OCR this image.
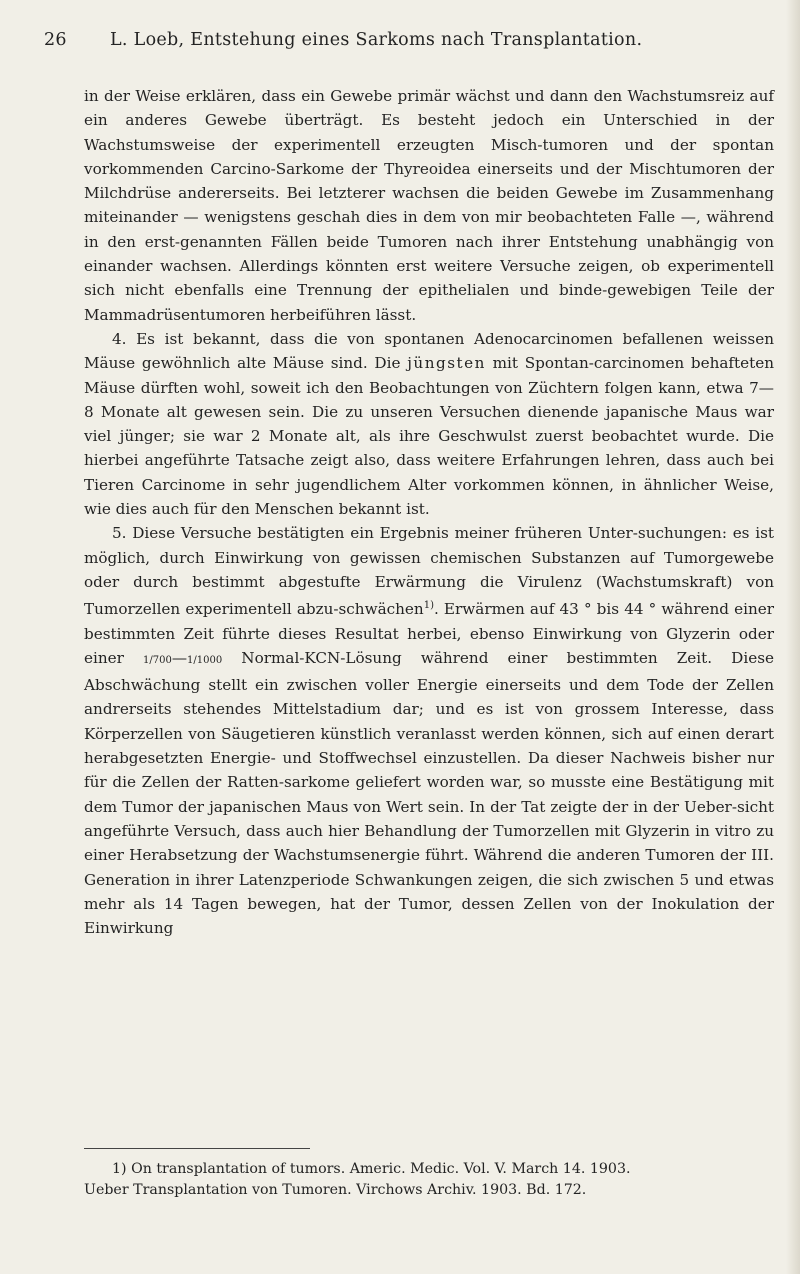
26 L. Loeb, Entstehung eines Sarkoms nach Transplantation.

in der Weise erklären, dass ein Gewebe primär wächst und dann den Wachstumsreiz auf ein anderes Gewebe überträgt. Es besteht jedoch ein Unterschied in der Wachstumsweise der experimentell erzeugten Misch-tumoren und der spontan vorkommenden Carcino-Sarkome der Thyreoidea einerseits und der Mischtumoren der Milchdrüse andererseits. Bei letzterer wachsen die beiden Gewebe im Zusammenhang miteinander — wenigstens geschah dies in dem von mir beobachteten Falle —, während in den erst-genannten Fällen beide Tumoren nach ihrer Entstehung unabhängig von einander wachsen. Allerdings könnten erst weitere Versuche zeigen, ob experimentell sich nicht ebenfalls eine Trennung der epithelialen und binde-gewebigen Teile der Mammadrüsentumoren herbeiführen lässt.

4. Es ist bekannt, dass die von spontanen Adenocarcinomen befallenen weissen Mäuse gewöhnlich alte Mäuse sind. Die jüngsten mit Spontan-carcinomen behafteten Mäuse dürften wohl, soweit ich den Beobachtungen von Züchtern folgen kann, etwa 7—8 Monate alt gewesen sein. Die zu unseren Versuchen dienende japanische Maus war viel jünger; sie war 2 Monate alt, als ihre Geschwulst zuerst beobachtet wurde. Die hierbei angeführte Tatsache zeigt also, dass weitere Erfahrungen lehren, dass auch bei Tieren Carcinome in sehr jugendlichem Alter vorkommen können, in ähnlicher Weise, wie dies auch für den Menschen bekannt ist.

5. Diese Versuche bestätigten ein Ergebnis meiner früheren Unter-suchungen: es ist möglich, durch Einwirkung von gewissen chemischen Substanzen auf Tumorgewebe oder durch bestimmt abgestufte Erwärmung die Virulenz (Wachstumskraft) von Tumorzellen experimentell abzu-schwächen$^{1)}$. Erwärmen auf 43 ° bis 44 ° während einer bestimmten Zeit führte dieses Resultat herbei, ebenso Einwirkung von Glyzerin oder einer 1/700—1/1000 Normal-KCN-Lösung während einer bestimmten Zeit. Diese Abschwächung stellt ein zwischen voller Energie einerseits und dem Tode der Zellen andrerseits stehendes Mittelstadium dar; und es ist von grossem Interesse, dass Körperzellen von Säugetieren künstlich veranlasst werden können, sich auf einen derart herabgesetzten Energie- und Stoffwechsel einzustellen. Da dieser Nachweis bisher nur für die Zellen der Ratten-sarkome geliefert worden war, so musste eine Bestätigung mit dem Tumor der japanischen Maus von Wert sein. In der Tat zeigte der in der Ueber-sicht angeführte Versuch, dass auch hier Behandlung der Tumorzellen mit Glyzerin in vitro zu einer Herabsetzung der Wachstumsenergie führt. Während die anderen Tumoren der III. Generation in ihrer Latenzperiode Schwankungen zeigen, die sich zwischen 5 und etwas mehr als 14 Tagen bewegen, hat der Tumor, dessen Zellen von der Inokulation der Einwirkung

1) On transplantation of tumors. Americ. Medic. Vol. V. March 14. 1903.

Ueber Transplantation von Tumoren. Virchows Archiv. 1903. Bd. 172.
